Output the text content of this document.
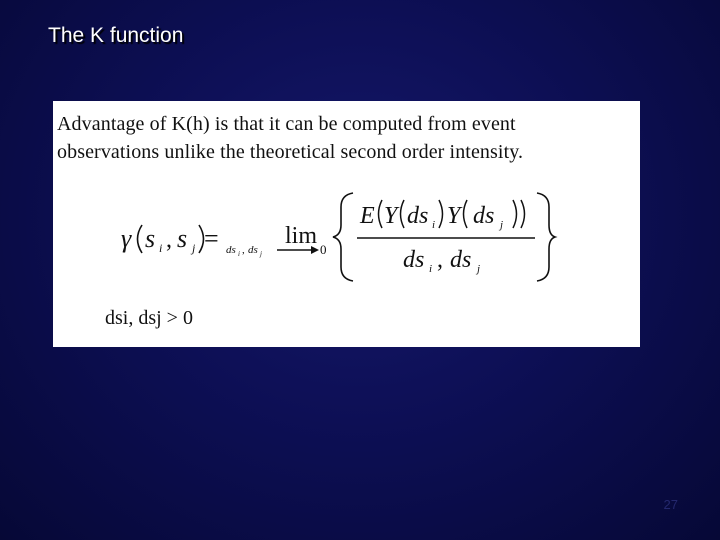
The K function
Advantage of K(h) is that it can be computed from event
observations unlike the theoretical second order intensity.
γ s i , s j = ds i , ds j
lim
0
E Y ds i Y ds j
ds i , ds j
dsi, dsj > 0
27
